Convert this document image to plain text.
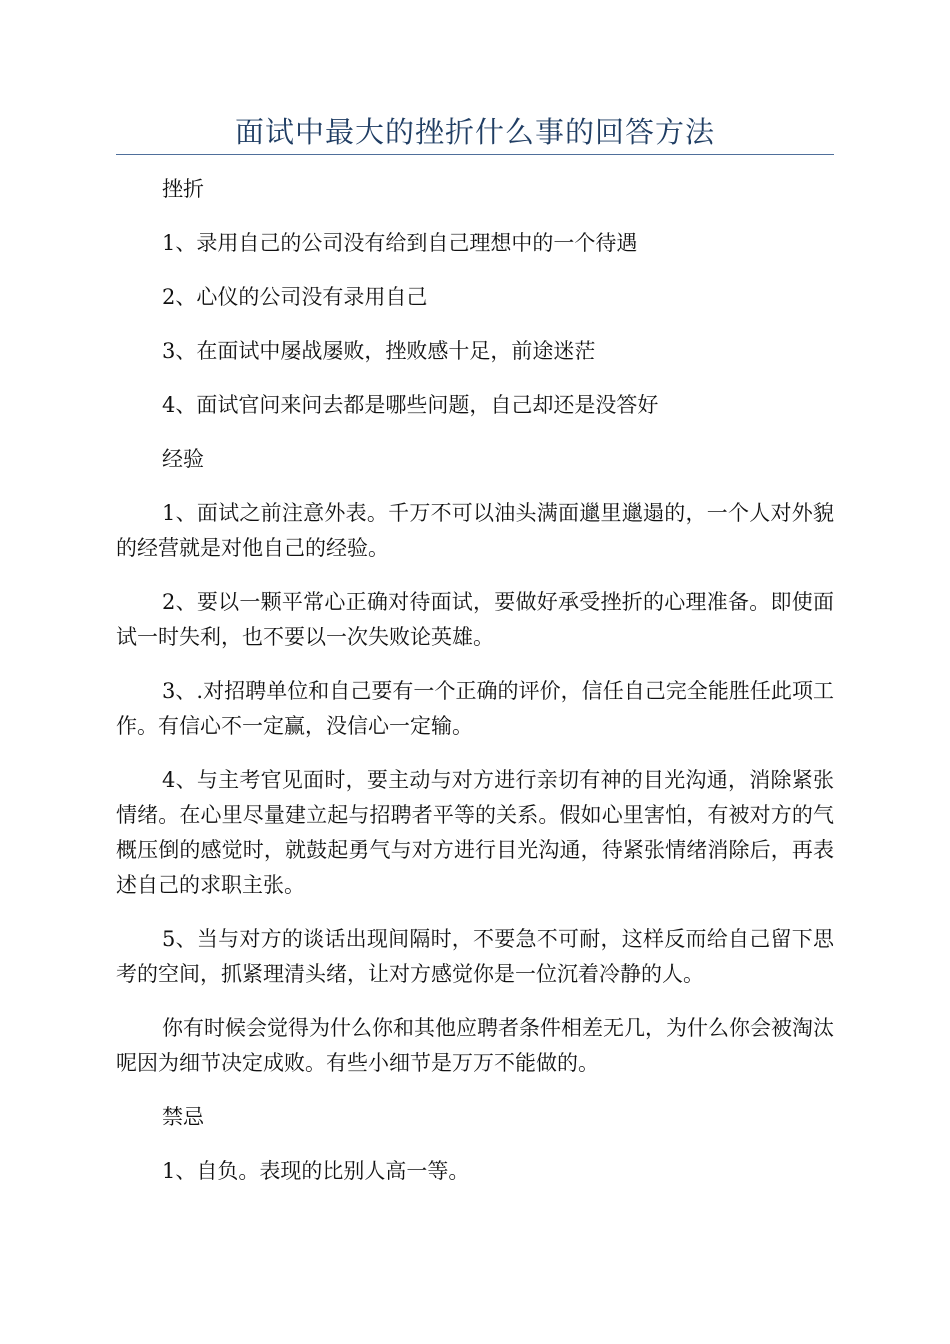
面试中最大的挫折什么事的回答方法

挫折

1、录用自己的公司没有给到自己理想中的一个待遇

2、心仪的公司没有录用自己

3、在面试中屡战屡败，挫败感十足，前途迷茫

4、面试官问来问去都是哪些问题，自己却还是没答好

经验

1、面试之前注意外表。千万不可以油头满面邋里邋遢的，一个人对外貌的经营就是对他自己的经验。

2、要以一颗平常心正确对待面试，要做好承受挫折的心理准备。即使面试一时失利，也不要以一次失败论英雄。

3、.对招聘单位和自己要有一个正确的评价，信任自己完全能胜任此项工作。有信心不一定赢，没信心一定输。

4、与主考官见面时，要主动与对方进行亲切有神的目光沟通，消除紧张情绪。在心里尽量建立起与招聘者平等的关系。假如心里害怕，有被对方的气概压倒的感觉时，就鼓起勇气与对方进行目光沟通，待紧张情绪消除后，再表述自己的求职主张。

5、当与对方的谈话出现间隔时，不要急不可耐，这样反而给自己留下思考的空间，抓紧理清头绪，让对方感觉你是一位沉着冷静的人。

你有时候会觉得为什么你和其他应聘者条件相差无几，为什么你会被淘汰呢因为细节决定成败。有些小细节是万万不能做的。

禁忌

1、自负。表现的比别人高一等。
